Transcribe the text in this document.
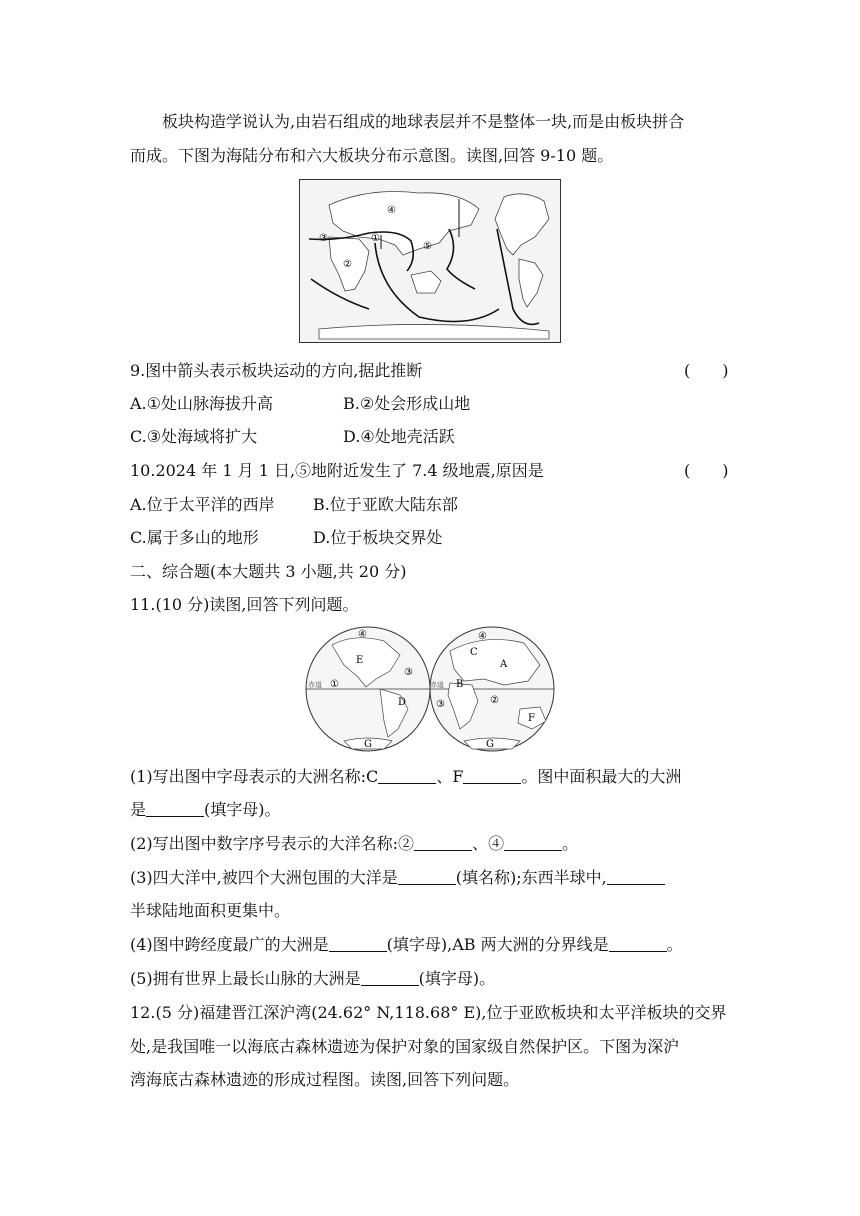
板块构造学说认为,由岩石组成的地球表层并不是整体一块,而是由板块拼合
而成。下图为海陆分布和六大板块分布示意图。读图,回答 9-10 题。
④
③	①
②
⑤
9.图中箭头表示板块运动的方向,据此推断	(　　)
A.①处山脉海拔升高	B.②处会形成山地
C.③处海域将扩大	D.④处地壳活跃
10.2024 年 1 月 1 日,⑤地附近发生了 7.4 级地震,原因是	(　　)
A.位于太平洋的西岸 B.位于亚欧大陆东部
C.属于多山的地形	D.位于板块交界处
二、综合题(本大题共 3 小题,共 20 分)
11.(10 分)读图,回答下列问题。
赤道	赤道
④
E
③
①
D
G
④
C
A
B
②
F
③
G
(1)写出图中字母表示的大洲名称:C	、F	。图中面积最大的大洲
是	(填字母)。
(2)写出图中数字序号表示的大洋名称:②	、④	。
(3)四大洋中,被四个大洲包围的大洋是	(填名称);东西半球中,
半球陆地面积更集中。
(4)图中跨经度最广的大洲是	(填字母),AB 两大洲的分界线是	。
(5)拥有世界上最长山脉的大洲是	(填字母)。
12.(5 分)福建晋江深沪湾(24.62° N,118.68° E),位于亚欧板块和太平洋板块的交界
处,是我国唯一以海底古森林遗迹为保护对象的国家级自然保护区。下图为深沪
湾海底古森林遗迹的形成过程图。读图,回答下列问题。
